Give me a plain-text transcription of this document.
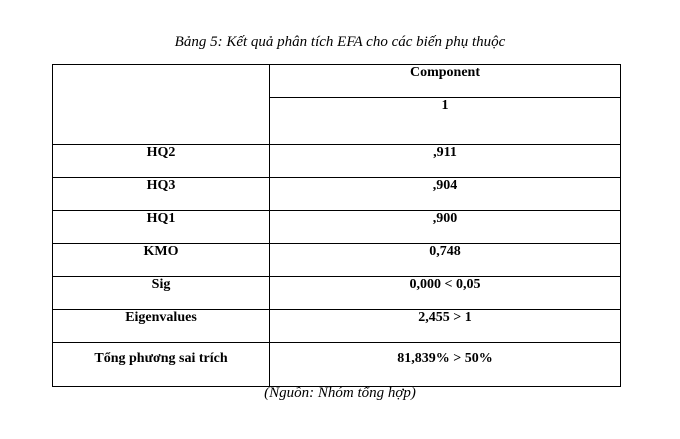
Bảng 5: Kết quả phân tích EFA cho các biến phụ thuộc
	Component
	1
HQ2	,911
HQ3	,904
HQ1	,900
KMO	0,748
Sig	0,000 < 0,05
Eigenvalues	2,455 > 1
Tổng phương sai trích	81,839% > 50%
(Nguồn: Nhóm tổng hợp)
